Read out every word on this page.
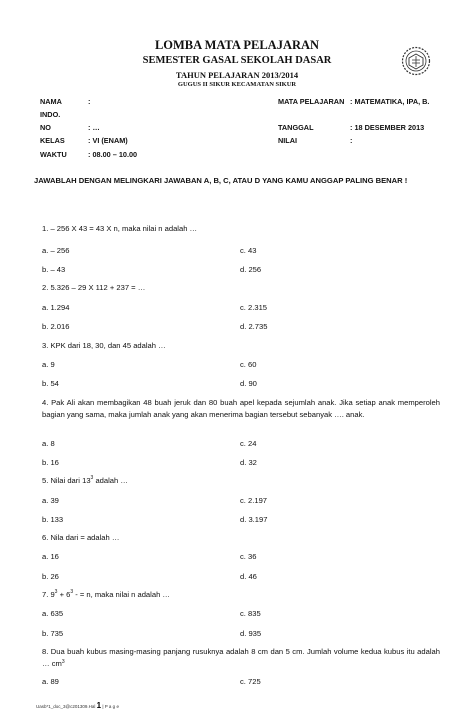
LOMBA MATA PELAJARAN
SEMESTER GASAL SEKOLAH DASAR
TAHUN PELAJARAN 2013/2014
GUGUS II SIKUR KECAMATAN SIKUR
NAMA	:
INDO.
NO	: …
KELAS	: VI (ENAM)
WAKTU	: 08.00 – 10.00
MATA PELAJARAN : MATEMATIKA, IPA, B.
TANGGAL	: 18 DESEMBER 2013
NILAI	:
JAWABLAH DENGAN MELINGKARI JAWABAN A, B, C, ATAU D YANG KAMU ANGGAP PALING BENAR !
1. – 256 X 43 = 43 X n, maka nilai n adalah …
a. – 256	c. 43
b. – 43	d. 256
2. 5.326 – 29 X 112 + 237 = …
a. 1.294	c. 2.315
b. 2.016	d. 2.735
3. KPK dari 18, 30, dan 45 adalah …
a. 9	c. 60
b. 54	d. 90
4. Pak Ali akan membagikan 48 buah jeruk dan 80 buah apel kepada sejumlah anak. Jika setiap anak memperoleh bagian yang sama, maka jumlah anak yang akan menerima bagian tersebut sebanyak …. anak.
a. 8	c. 24
b. 16	d. 32
5. Nilai dari $13^3$ adalah …
a. 39	c. 2.197
b. 133	d. 3.197
6. Nila dari = adalah …
a. 16	c. 36
b. 26	d. 46
7. $9^3 + 6^3$ - = n, maka nilai n adalah …
a. 635	c. 835
b. 735	d. 935
8. Dua buah kubus masing-masing panjang rusuknya adalah 8 cm dan 5 cm. Jumlah volume kedua kubus itu adalah … $cm^3$
a. 89	c. 725
Uasb*1_doc_3@c201309.Hal 1 | P a g e
